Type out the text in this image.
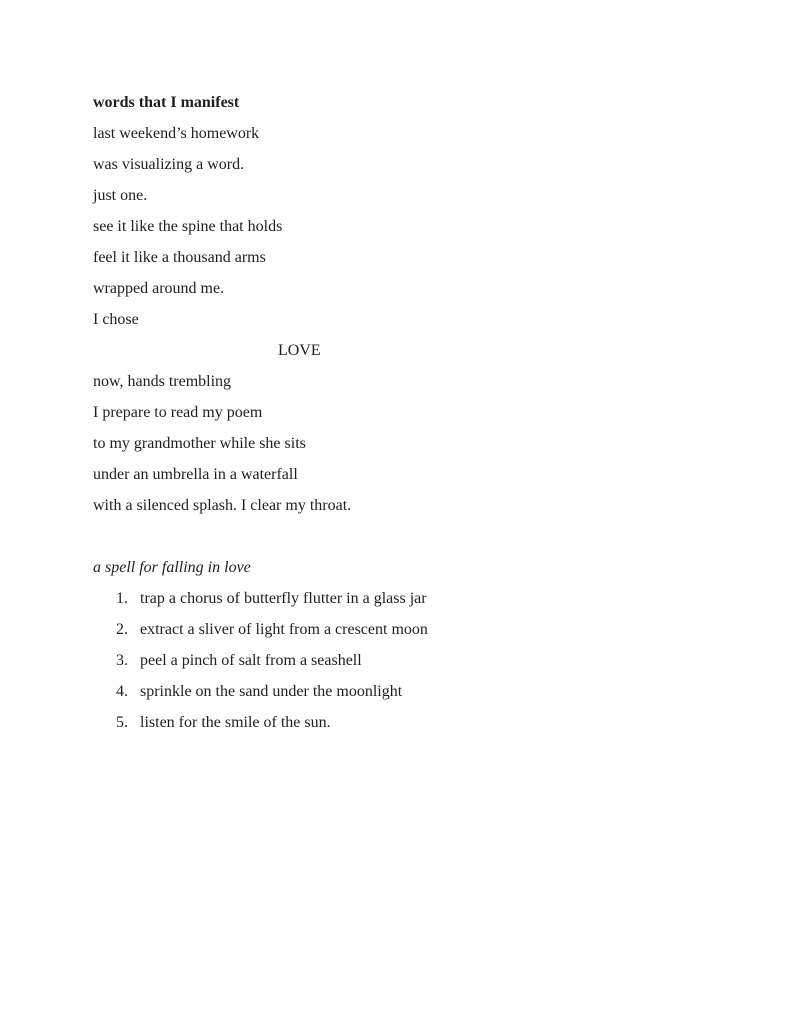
words that I manifest

last weekend’s homework

was visualizing a word.

just one.

see it like the spine that holds

feel it like a thousand arms

wrapped around me.

I chose

LOVE

now, hands trembling

I prepare to read my poem

to my grandmother while she sits

under an umbrella in a waterfall

with a silenced splash. I clear my throat.

a spell for falling in love

1. trap a chorus of butterfly flutter in a glass jar
2. extract a sliver of light from a crescent moon
3. peel a pinch of salt from a seashell
4. sprinkle on the sand under the moonlight
5. listen for the smile of the sun.
